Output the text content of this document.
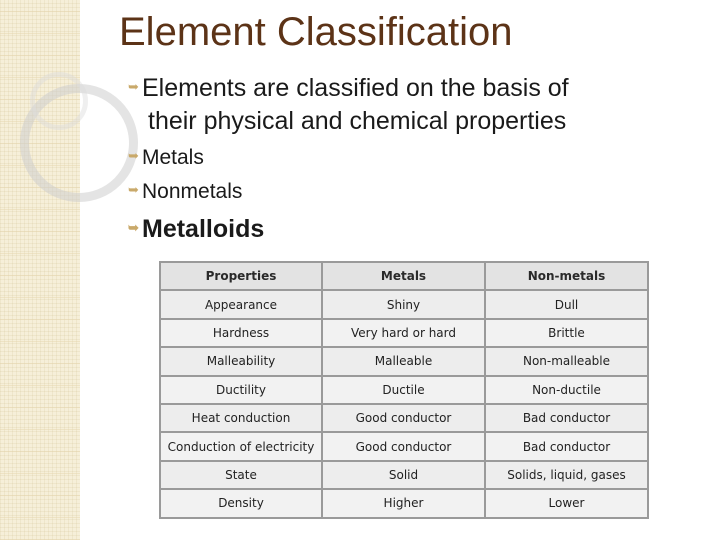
Element Classification
➥ Elements are classified on the basis of
their physical and chemical properties
➥ Metals
➥ Nonmetals
➥ Metalloids
Properties	Metals	Non-metals
Appearance	Shiny	Dull
Hardness	Very hard or hard	Brittle
Malleability	Malleable	Non-malleable
Ductility	Ductile	Non-ductile
Heat conduction	Good conductor	Bad conductor
Conduction of electricity	Good conductor	Bad conductor
State	Solid	Solids, liquid, gases
Density	Higher	Lower
